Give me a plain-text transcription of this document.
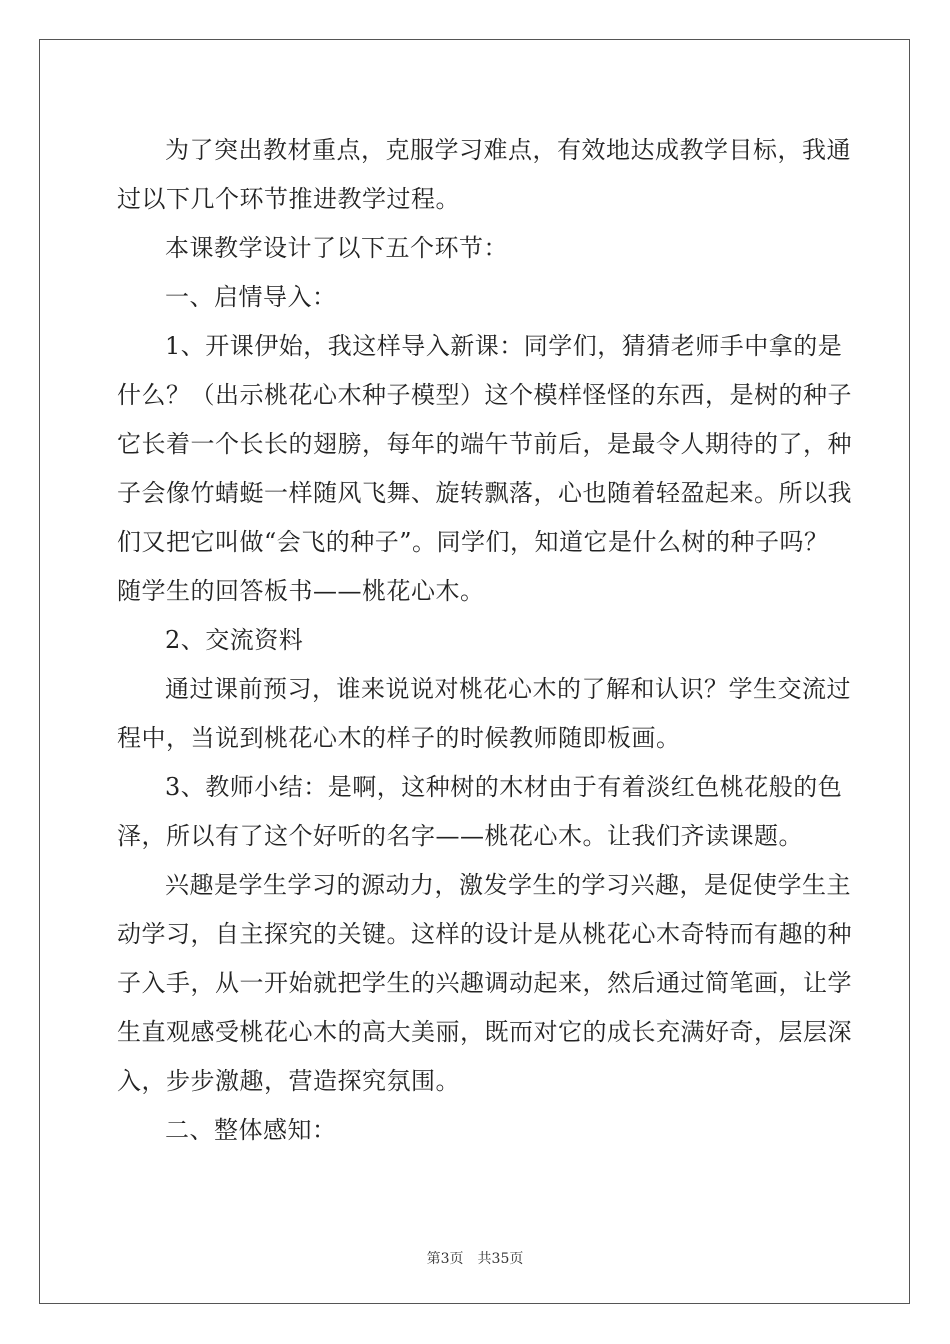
为了突出教材重点，克服学习难点，有效地达成教学目标，我通
过以下几个环节推进教学过程。
本课教学设计了以下五个环节：
一、启情导入：
1、开课伊始，我这样导入新课：同学们，猜猜老师手中拿的是
什么？（出示桃花心木种子模型）这个模样怪怪的东西，是树的种子
它长着一个长长的翅膀，每年的端午节前后，是最令人期待的了，种
子会像竹蜻蜓一样随风飞舞、旋转飘落，心也随着轻盈起来。所以我
们又把它叫做“会飞的种子”。同学们，知道它是什么树的种子吗？
随学生的回答板书——桃花心木。
2、交流资料
通过课前预习，谁来说说对桃花心木的了解和认识？学生交流过
程中，当说到桃花心木的样子的时候教师随即板画。
3、教师小结：是啊，这种树的木材由于有着淡红色桃花般的色
泽，所以有了这个好听的名字——桃花心木。让我们齐读课题。
兴趣是学生学习的源动力，激发学生的学习兴趣，是促使学生主
动学习，自主探究的关键。这样的设计是从桃花心木奇特而有趣的种
子入手，从一开始就把学生的兴趣调动起来，然后通过简笔画，让学
生直观感受桃花心木的高大美丽，既而对它的成长充满好奇，层层深
入，步步激趣，营造探究氛围。
二、整体感知：
第3页 共35页
